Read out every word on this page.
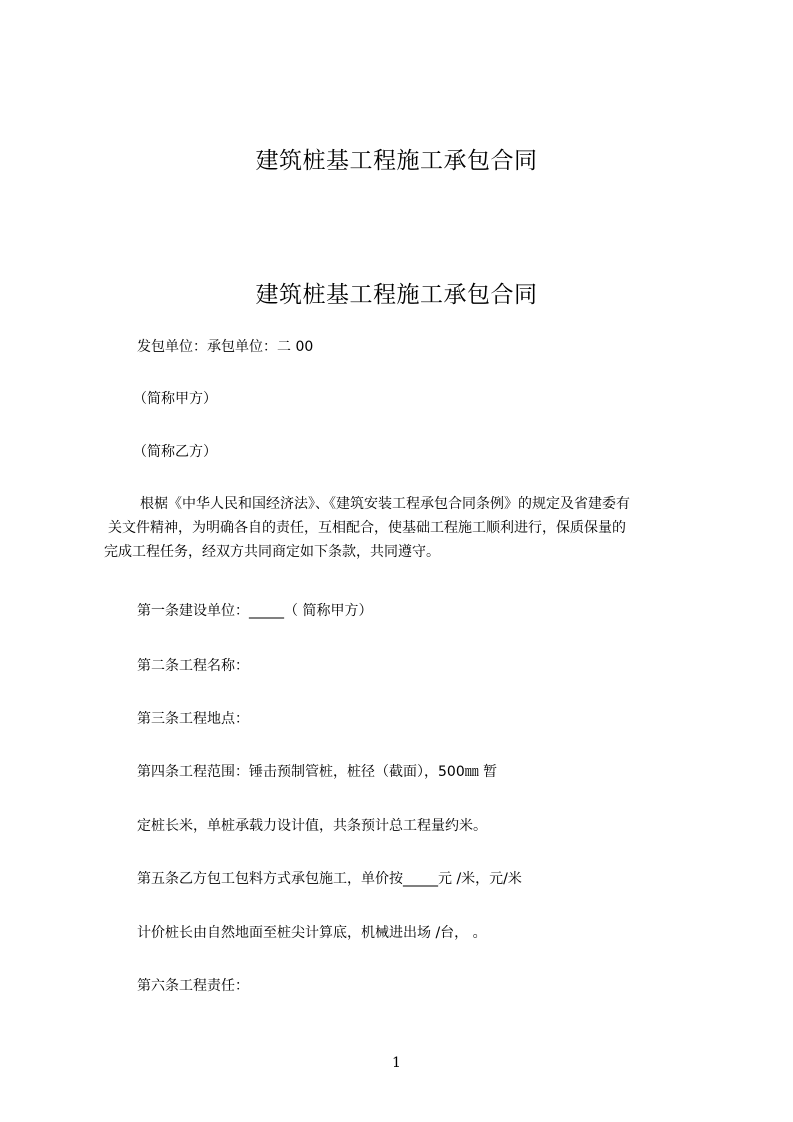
建筑桩基工程施工承包合同
建筑桩基工程施工承包合同
发包单位：承包单位：二 00
（简称甲方）
（简称乙方）

根椐《中华人民和国经济法》、《建筑安装工程承包合同条例》的规定及省建委有

关文件精神，为明确各自的责任，互相配合，使基础工程施工顺利进行，保质保量的

完成工程任务，经双方共同商定如下条款，共同遵守。

第一条建设单位：_____（ 简称甲方）
第二条工程名称：
第三条工程地点：
第四条工程范围：锤击预制管桩，桩径（截面），500㎜ 暂
定桩长米，单桩承载力设计值，共条预计总工程量约米。
第五条乙方包工包料方式承包施工，单价按_____元 /米，元/米
计价桩长由自然地面至桩尖计算底，机械进出场 /台， 。
第六条工程责任：
1
